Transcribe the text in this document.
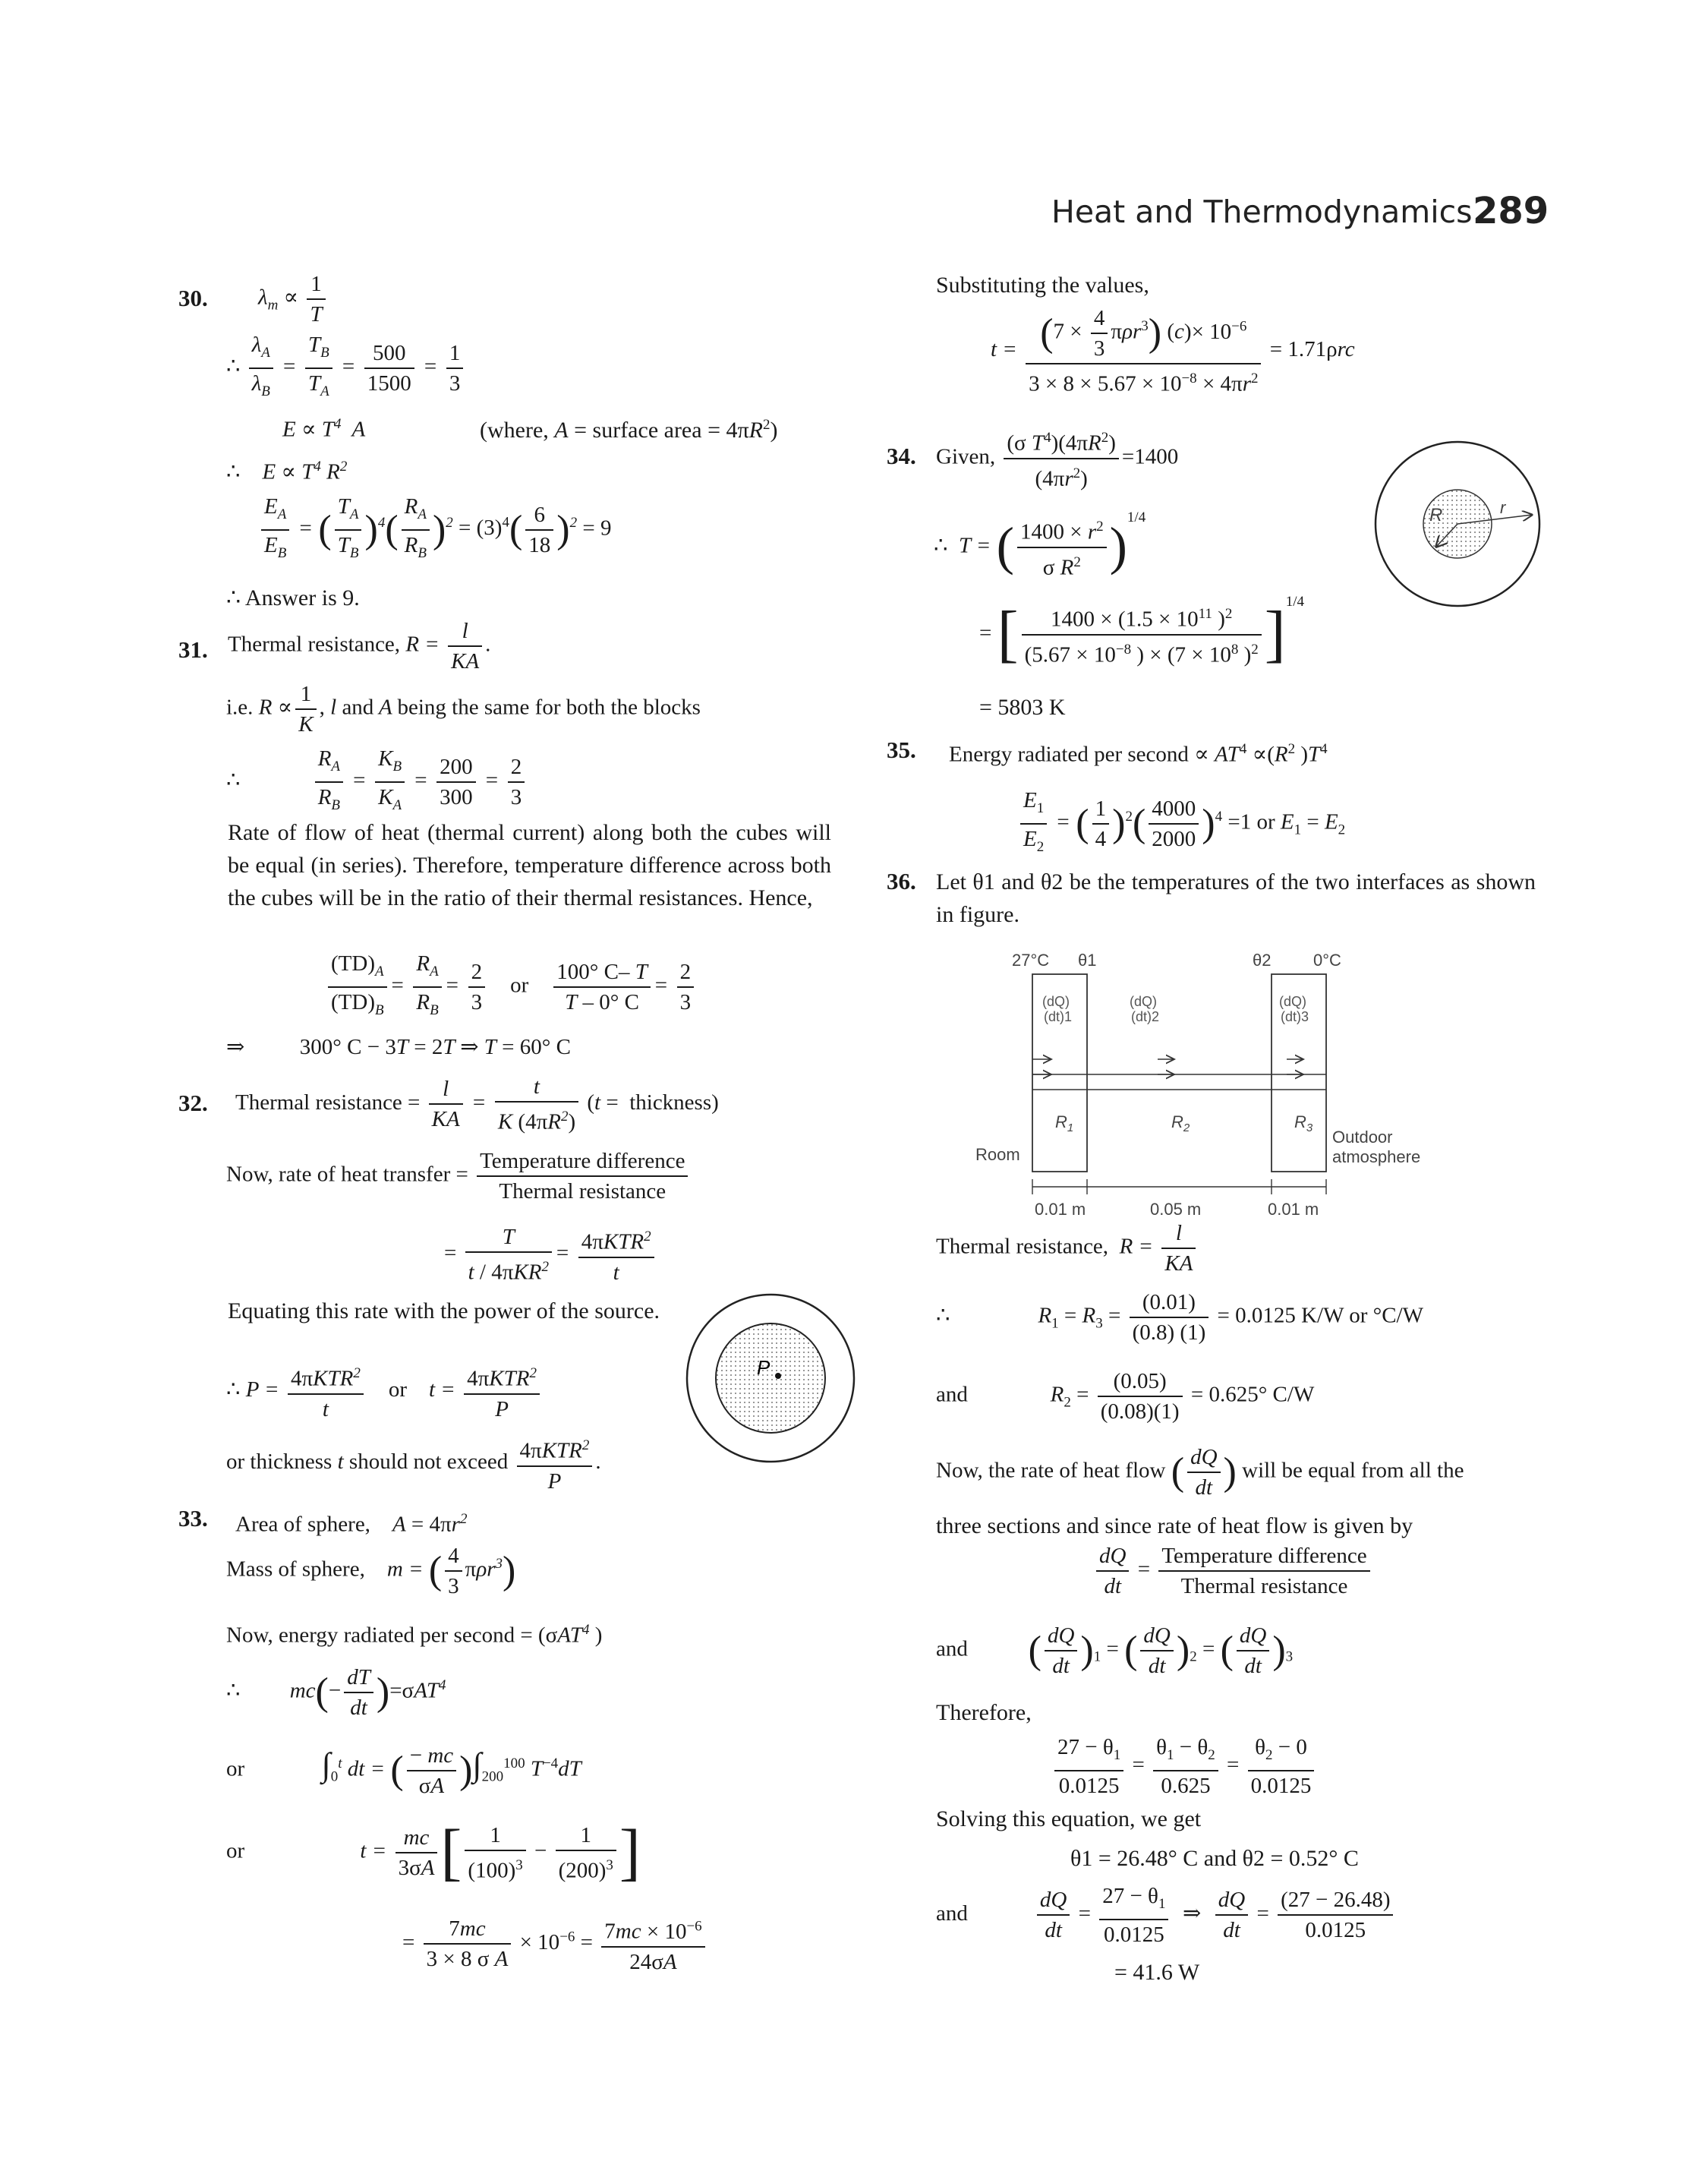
Heat and Thermodynamics 289
30. $\lambda_m \propto \frac{1}{T}$
∴ $\frac{\lambda_A}{\lambda_B} = \frac{T_B}{T_A} = \frac{500}{1500} = \frac{1}{3}$
$E \propto T^4$  A	(where, A = surface area = $4\pi R^2$)
∴    $E \propto T^4$ $R^2$
$\frac{E_A}{E_B}$ = ( $\frac{T_A}{T_B} )^4( \frac{R_A}{R_B} )^2 = (3)^4( \frac{6}{18} )^2 = 9$
∴ Answer is 9.
31. Thermal resistance, $R = \frac{l}{KA}$ .
i.e. $R \propto \frac{1}{K}$ , l and A being the same for both the blocks
∴ $\frac{R_A}{R_B} = \frac{K_B}{K_A} = \frac{200}{300} = \frac{2}{3}$
Rate of flow of heat (thermal current) along both the cubes will be equal (in series). Therefore, temperature difference across both the cubes will be in the ratio of their thermal resistances. Hence,
$\frac{(TD)_A}{(TD)_B} = \frac{R_A}{R_B} = \frac{2}{3}$ or $\frac{100^\circ C- T}{T - 0^\circ C} = \frac{2}{3}$
⇒          300° C − 3T = 2T ⇒ T = 60° C
32. Thermal resistance = $\frac{l}{KA} = \frac{t}{K (4\pi R^2)} (t$ =  thickness)
Now, rate of heat transfer = $\frac{\text{Temperature difference}}{\text{Thermal resistance}}$
= $\frac{T}{t / 4\pi KR^2} = \frac{4\pi KTR^2}{t}$
Equating this rate with the power of the source.
∴ $P = \frac{4\pi KTR^2}{t}$ or    $t = \frac{4\pi KTR^2}{P}$
or thickness t should not exceed $\frac{4\pi KTR^2}{P}$ .
P
33. Area of sphere,    $A = 4\pi r^2$
Mass of sphere,    m = ( $\frac{4}{3} \pi\rho r^3$)
Now, energy radiated per second = (σAT$^4$ )
∴         $mc(- \frac{dT}{dt} )=\sigma AT^4$
or              $\int_0^t$ dt = ( $\frac{- mc}{\sigma A} )\int_{200}^{100}$ $T^{-4}dT$
or                     $t = \frac{mc}{3\sigma A}$ [ $\frac{1}{(100)^3} - \frac{1}{(200)^3}$ ]
= $\frac{7mc}{\text{3 × 8 σ A}} \times 10^{-6} = \frac{7mc \times 10^{-6}}{24\sigma A}$
Substituting the values,
$t = \frac{(7 \times \frac{4}{3} \pi\rho r^3) (c)\times 10^{-6}}{3 \times 8 \times 5.67 \times 10^{-8} \times 4\pi r^2} = 1.71\rho rc$
34. Given, $\frac{(\sigma T^4)(4\pi R^2)}{(4\pi r^2)} =1400$
∴  T = ( $\frac{1400 \times r^2}{\sigma R^2} )^{1/4}$
= [ $\frac{1400 \times (1.5 \times 10^{11} )^2}{(5.67 \times 10^{-8} ) \times (7 \times 10^8 )^2} ]^{1/4}$
= 5803 K
R	r
35. Energy radiated per second ∝ $AT^4 \propto(R^2$ )$T^4$
$\frac{E_1}{E_2}$ = ( $\frac{1}{4} )^2( \frac{4000}{2000} )^4 =1$ or $E_1 = E_2$
36. Let θ1 and θ2 be the temperatures of the two interfaces as shown in figure.
27°C θ1	θ2	0°C
(dQ)
(dt)1
(dQ)
(dt)2
(dQ)
(dt)3
$R_1$	$R_2$	$R_3$
Room
Outdoor
atmosphere
0.01 m	0.05 m	0.01 m
Thermal resistance,  $R = \frac{l}{KA}$
∴                $R_1 = R_3 = \frac{(0.01)}{(0.8) (1)} = 0.0125$ K/W or °C/W
and               $R_2 = \frac{(0.05)}{(0.08)(1)} = 0.625^\circ$ C/W
Now, the rate of heat flow ( $\frac{dQ}{dt}$ ) will be equal from all the
three sections and since rate of heat flow is given by
$\frac{dQ}{dt} = \frac{\text{Temperature difference}}{\text{Thermal resistance}}$
and           ( $\frac{dQ}{dt} )_1$ = ( $\frac{dQ}{dt} )_2$ = ( $\frac{dQ}{dt} )_3$
Therefore,
$\frac{27 - \theta_1}{0.0125} = \frac{\theta_1 - \theta_2}{0.625} = \frac{\theta_2 - 0}{0.0125}$
Solving this equation, we get
θ1 = 26.48° C and θ2 = 0.52° C
and $\frac{dQ}{dt} = \frac{27 - \theta_1}{0.0125}$ ⇒ $\frac{dQ}{dt} = \frac{(27 - 26.48)}{0.0125}$
= 41.6 W
